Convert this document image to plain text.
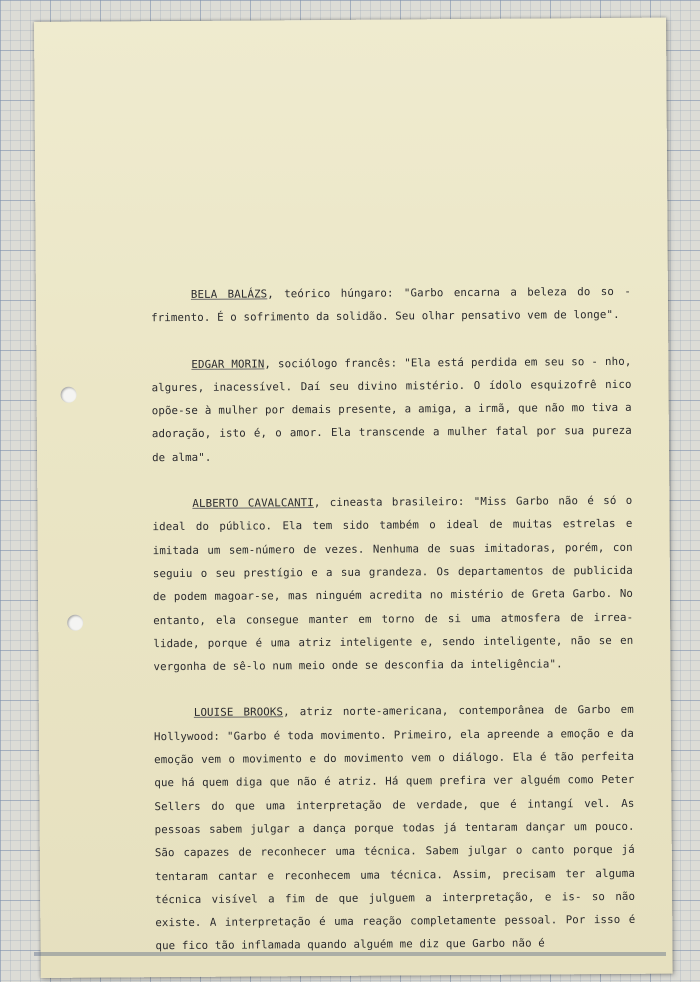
BELA BALÁZS, teórico húngaro: "Garbo encarna a beleza do so - frimento. É o sofrimento da solidão. Seu olhar pensativo vem de longe".

EDGAR MORIN, sociólogo francês: "Ela está perdida em seu so - nho, algures, inacessível. Daí seu divino mistério. O ídolo esquizofrê nico opõe-se à mulher por demais presente, a amiga, a irmã, que não mo tiva a adoração, isto é, o amor. Ela transcende a mulher fatal por sua pureza de alma".

ALBERTO CAVALCANTI, cineasta brasileiro: "Miss Garbo não é só o ideal do público. Ela tem sido também o ideal de muitas estrelas e imitada um sem-número de vezes. Nenhuma de suas imitadoras, porém, con seguiu o seu prestígio e a sua grandeza. Os departamentos de publicida de podem magoar-se, mas ninguém acredita no mistério de Greta Garbo. No entanto, ela consegue manter em torno de si uma atmosfera de irrea- lidade, porque é uma atriz inteligente e, sendo inteligente, não se en vergonha de sê-lo num meio onde se desconfia da inteligência".

LOUISE BROOKS, atriz norte-americana, contemporânea de Garbo em Hollywood: "Garbo é toda movimento. Primeiro, ela apreende a emoção e da emoção vem o movimento e do movimento vem o diálogo. Ela é tão perfeita que há quem diga que não é atriz. Há quem prefira ver alguém como Peter Sellers do que uma interpretação de verdade, que é intangí vel. As pessoas sabem julgar a dança porque todas já tentaram dançar um pouco. São capazes de reconhecer uma técnica. Sabem julgar o canto porque já tentaram cantar e reconhecem uma técnica. Assim, precisam ter alguma técnica visível a fim de que julguem a interpretação, e is- so não existe. A interpretação é uma reação completamente pessoal. Por isso é que fico tão inflamada quando alguém me diz que Garbo não é
